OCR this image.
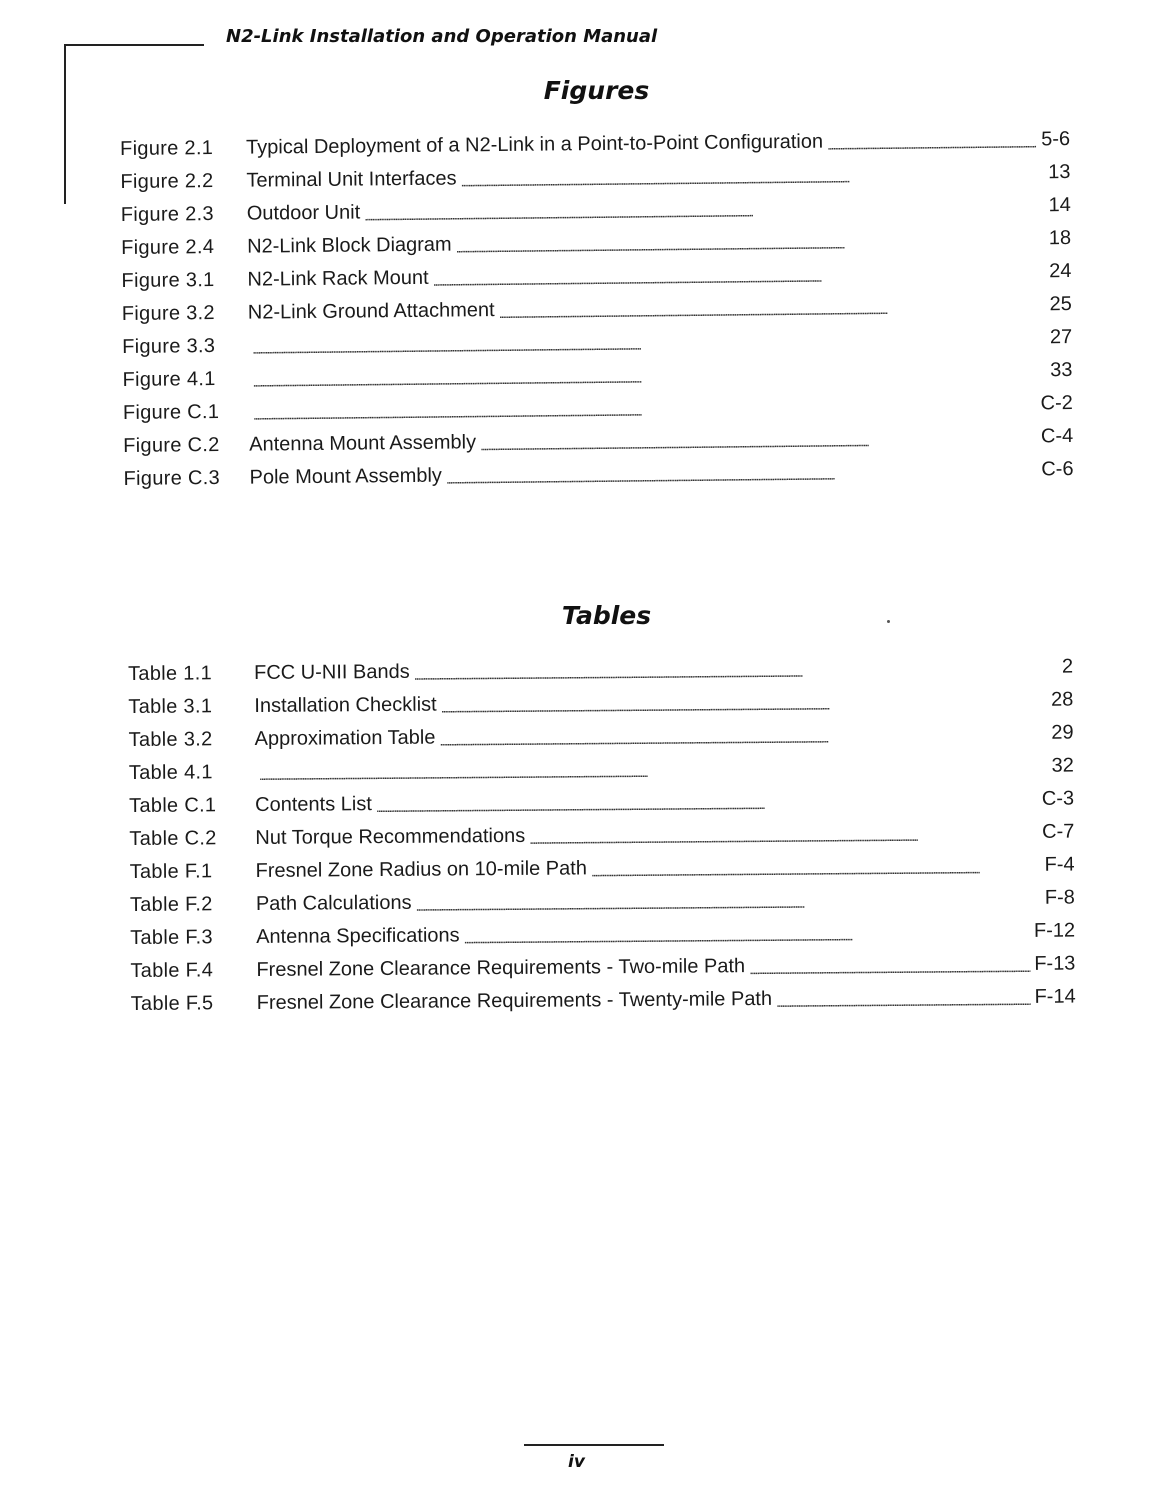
N2-Link Installation and Operation Manual
Figures
Figure 2.1	Typical Deployment of a N2-Link in a Point-to-Point Configuration . . .	5-6
Figure 2.2	Terminal Unit Interfaces . . .	13
Figure 2.3	Outdoor Unit . . .	14
Figure 2.4	N2-Link Block Diagram . . .	18
Figure 3.1	N2-Link Rack Mount . . .	24
Figure 3.2	N2-Link Ground Attachment . . .	25
Figure 3.3 . . .	27
Figure 4.1 . . .	33
Figure C.1 . . .	C-2
Figure C.2	Antenna Mount Assembly . . .	C-4
Figure C.3	Pole Mount Assembly . . .	C-6
Tables
Table 1.1	FCC U-NII Bands . . .	2
Table 3.1	Installation Checklist . . .	28
Table 3.2	Approximation Table . . .	29
Table 4.1 . . .	32
Table C.1	Contents List . . .	C-3
Table C.2	Nut Torque Recommendations . . .	C-7
Table F.1	Fresnel Zone Radius on 10-mile Path . . .	F-4
Table F.2	Path Calculations . . .	F-8
Table F.3	Antenna Specifications . . .	F-12
Table F.4	Fresnel Zone Clearance Requirements - Two-mile Path . . .	F-13
Table F.5	Fresnel Zone Clearance Requirements - Twenty-mile Path . . .	F-14
iv
